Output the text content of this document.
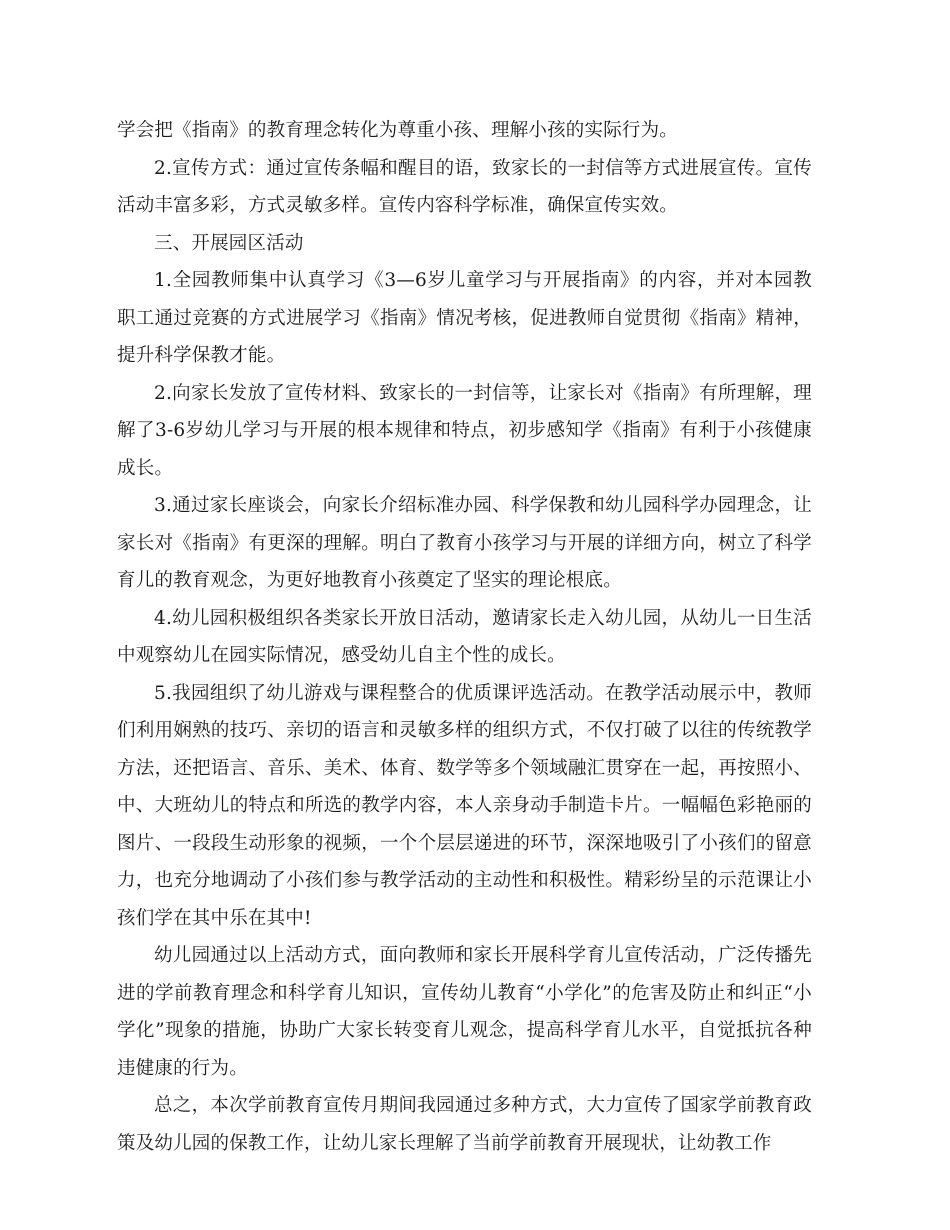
学会把《指南》的教育理念转化为尊重小孩、理解小孩的实际行为。

2.宣传方式：通过宣传条幅和醒目的语，致家长的一封信等方式进展宣传。宣传活动丰富多彩，方式灵敏多样。宣传内容科学标准，确保宣传实效。

三、开展园区活动

1.全园教师集中认真学习《3—6岁儿童学习与开展指南》的内容，并对本园教职工通过竞赛的方式进展学习《指南》情况考核，促进教师自觉贯彻《指南》精神，提升科学保教才能。

2.向家长发放了宣传材料、致家长的一封信等，让家长对《指南》有所理解，理解了3-6岁幼儿学习与开展的根本规律和特点，初步感知学《指南》有利于小孩健康成长。

3.通过家长座谈会，向家长介绍标准办园、科学保教和幼儿园科学办园理念，让家长对《指南》有更深的理解。明白了教育小孩学习与开展的详细方向，树立了科学育儿的教育观念，为更好地教育小孩奠定了坚实的理论根底。

4.幼儿园积极组织各类家长开放日活动，邀请家长走入幼儿园，从幼儿一日生活中观察幼儿在园实际情况，感受幼儿自主个性的成长。

5.我园组织了幼儿游戏与课程整合的优质课评选活动。在教学活动展示中，教师们利用娴熟的技巧、亲切的语言和灵敏多样的组织方式，不仅打破了以往的传统教学方法，还把语言、音乐、美术、体育、数学等多个领域融汇贯穿在一起，再按照小、中、大班幼儿的特点和所选的教学内容，本人亲身动手制造卡片。一幅幅色彩艳丽的图片、一段段生动形象的视频，一个个层层递进的环节，深深地吸引了小孩们的留意力，也充分地调动了小孩们参与教学活动的主动性和积极性。精彩纷呈的示范课让小孩们学在其中乐在其中!

幼儿园通过以上活动方式，面向教师和家长开展科学育儿宣传活动，广泛传播先进的学前教育理念和科学育儿知识，宣传幼儿教育“小学化”的危害及防止和纠正“小学化”现象的措施，协助广大家长转变育儿观念，提高科学育儿水平，自觉抵抗各种违健康的行为。

总之，本次学前教育宣传月期间我园通过多种方式，大力宣传了国家学前教育政策及幼儿园的保教工作，让幼儿家长理解了当前学前教育开展现状，让幼教工作
